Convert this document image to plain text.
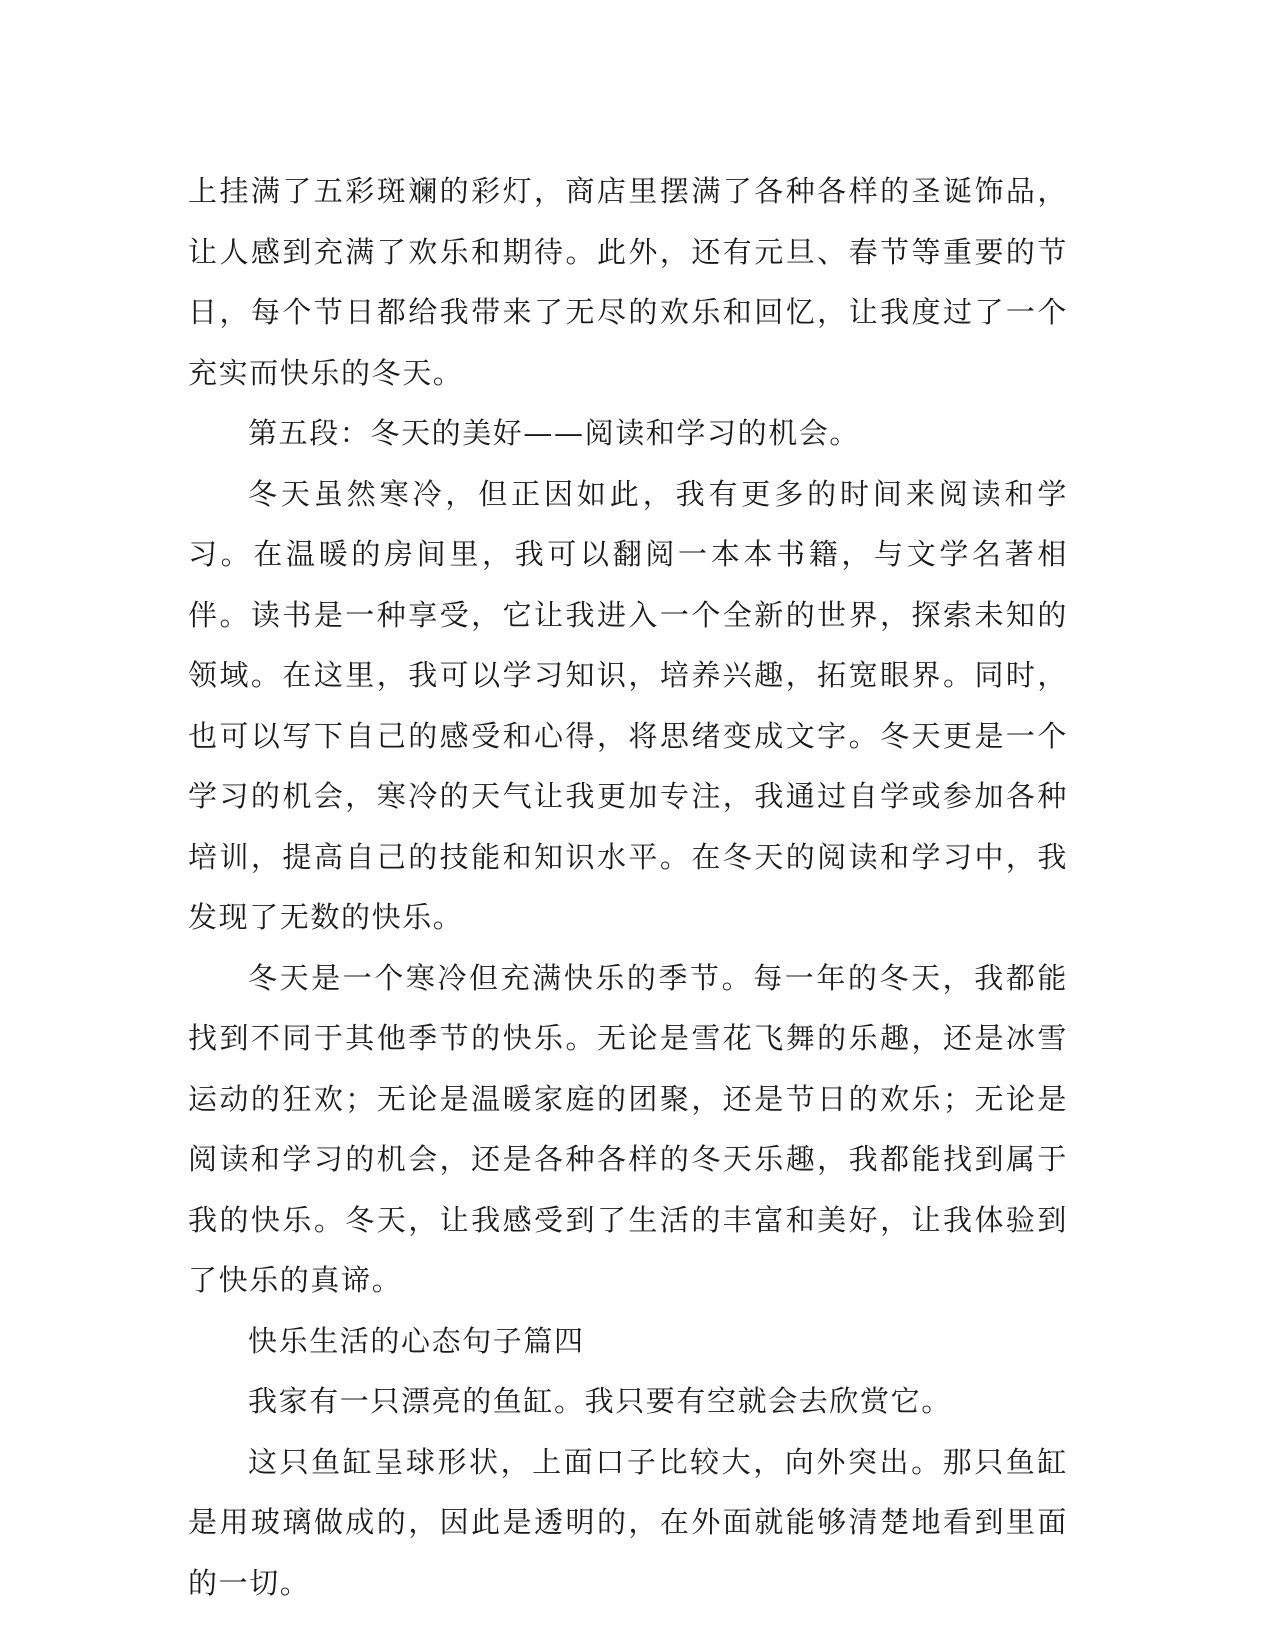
上挂满了五彩斑斓的彩灯，商店里摆满了各种各样的圣诞饰品，让人感到充满了欢乐和期待。此外，还有元旦、春节等重要的节日，每个节日都给我带来了无尽的欢乐和回忆，让我度过了一个充实而快乐的冬天。

第五段：冬天的美好——阅读和学习的机会。

冬天虽然寒冷，但正因如此，我有更多的时间来阅读和学习。在温暖的房间里，我可以翻阅一本本书籍，与文学名著相伴。读书是一种享受，它让我进入一个全新的世界，探索未知的领域。在这里，我可以学习知识，培养兴趣，拓宽眼界。同时，也可以写下自己的感受和心得，将思绪变成文字。冬天更是一个学习的机会，寒冷的天气让我更加专注，我通过自学或参加各种培训，提高自己的技能和知识水平。在冬天的阅读和学习中，我发现了无数的快乐。

冬天是一个寒冷但充满快乐的季节。每一年的冬天，我都能找到不同于其他季节的快乐。无论是雪花飞舞的乐趣，还是冰雪运动的狂欢；无论是温暖家庭的团聚，还是节日的欢乐；无论是阅读和学习的机会，还是各种各样的冬天乐趣，我都能找到属于我的快乐。冬天，让我感受到了生活的丰富和美好，让我体验到了快乐的真谛。

快乐生活的心态句子篇四

我家有一只漂亮的鱼缸。我只要有空就会去欣赏它。

这只鱼缸呈球形状，上面口子比较大，向外突出。那只鱼缸是用玻璃做成的，因此是透明的，在外面就能够清楚地看到里面的一切。
